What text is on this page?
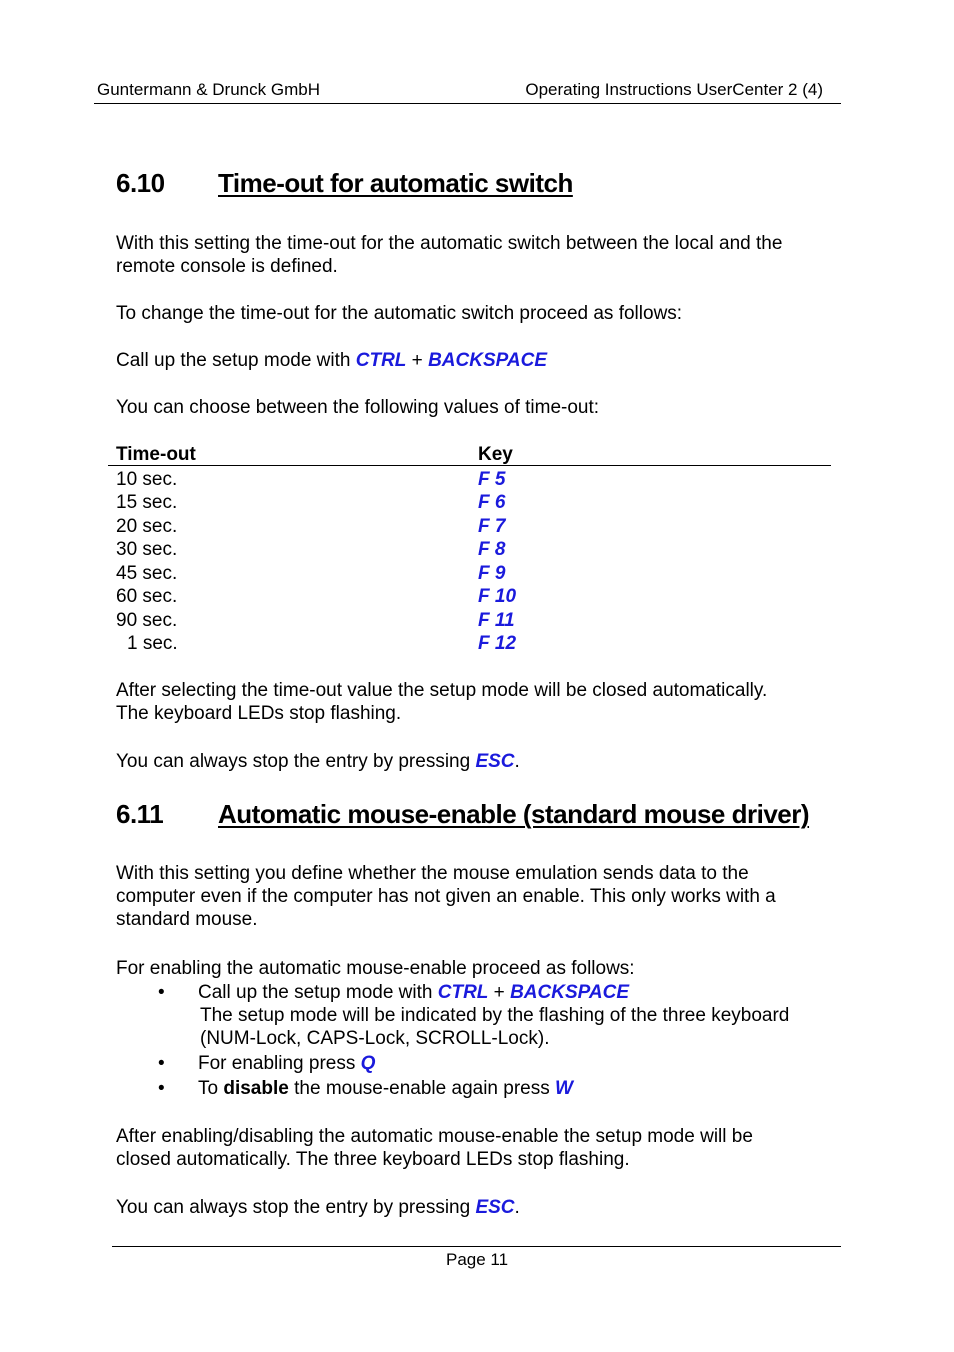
Guntermann & Drunck GmbH	Operating Instructions UserCenter 2 (4)
6.10 Time-out for automatic switch
With this setting the time-out for the automatic switch between the local and the
remote console is defined.
To change the time-out for the automatic switch proceed as follows:
Call up the setup mode with CTRL + BACKSPACE
You can choose between the following values of time-out:
Time-out	Key
10 sec.	F 5
15 sec.	F 6
20 sec.	F 7
30 sec.	F 8
45 sec.	F 9
60 sec.	F 10
90 sec.	F 11
1 sec.	F 12
After selecting the time-out value the setup mode will be closed automatically.
The keyboard LEDs stop flashing.
You can always stop the entry by pressing ESC.
6.11 Automatic mouse-enable (standard mouse driver)
With this setting you define whether the mouse emulation sends data to the
computer even if the computer has not given an enable. This only works with a
standard mouse.
For enabling the automatic mouse-enable proceed as follows:
• Call up the setup mode with CTRL + BACKSPACE
The setup mode will be indicated by the flashing of the three keyboard
(NUM-Lock, CAPS-Lock, SCROLL-Lock).
• For enabling press Q
• To disable the mouse-enable again press W
After enabling/disabling the automatic mouse-enable the setup mode will be
closed automatically. The three keyboard LEDs stop flashing.
You can always stop the entry by pressing ESC.
Page 11
